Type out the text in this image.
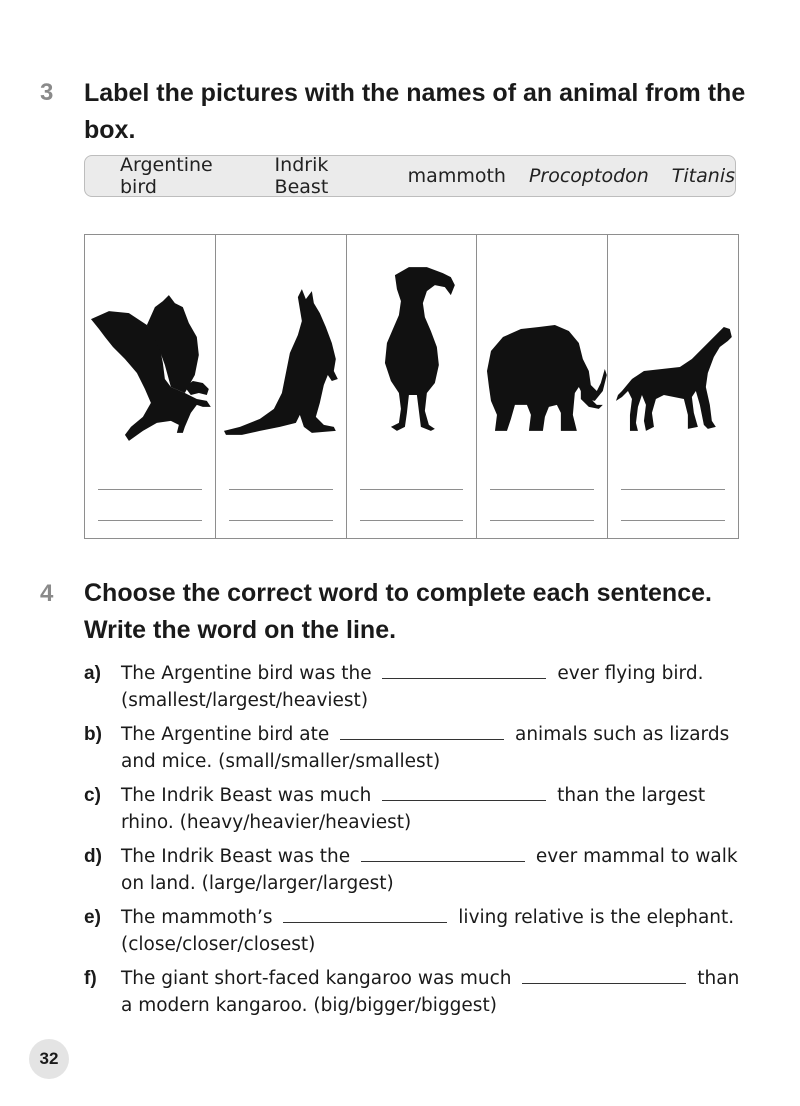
3 Label the pictures with the names of an animal from the box.
Argentine bird
Indrik Beast	mammoth Procoptodon Titanis
4 Choose the correct word to complete each sentence. Write the word on the line.
a)	The Argentine bird was the	ever flying bird. (smallest/largest/heaviest)
b)	The Argentine bird ate	animals such as lizards and mice. (small/smaller/smallest)
c)	The Indrik Beast was much	than the largest rhino. (heavy/heavier/heaviest)
d)	The Indrik Beast was the	ever mammal to walk on land. (large/larger/largest)
e)	The mammoth’s	living relative is the elephant. (close/closer/closest)
f)	The giant short-faced kangaroo was much	than a modern kangaroo. (big/bigger/biggest)
32
